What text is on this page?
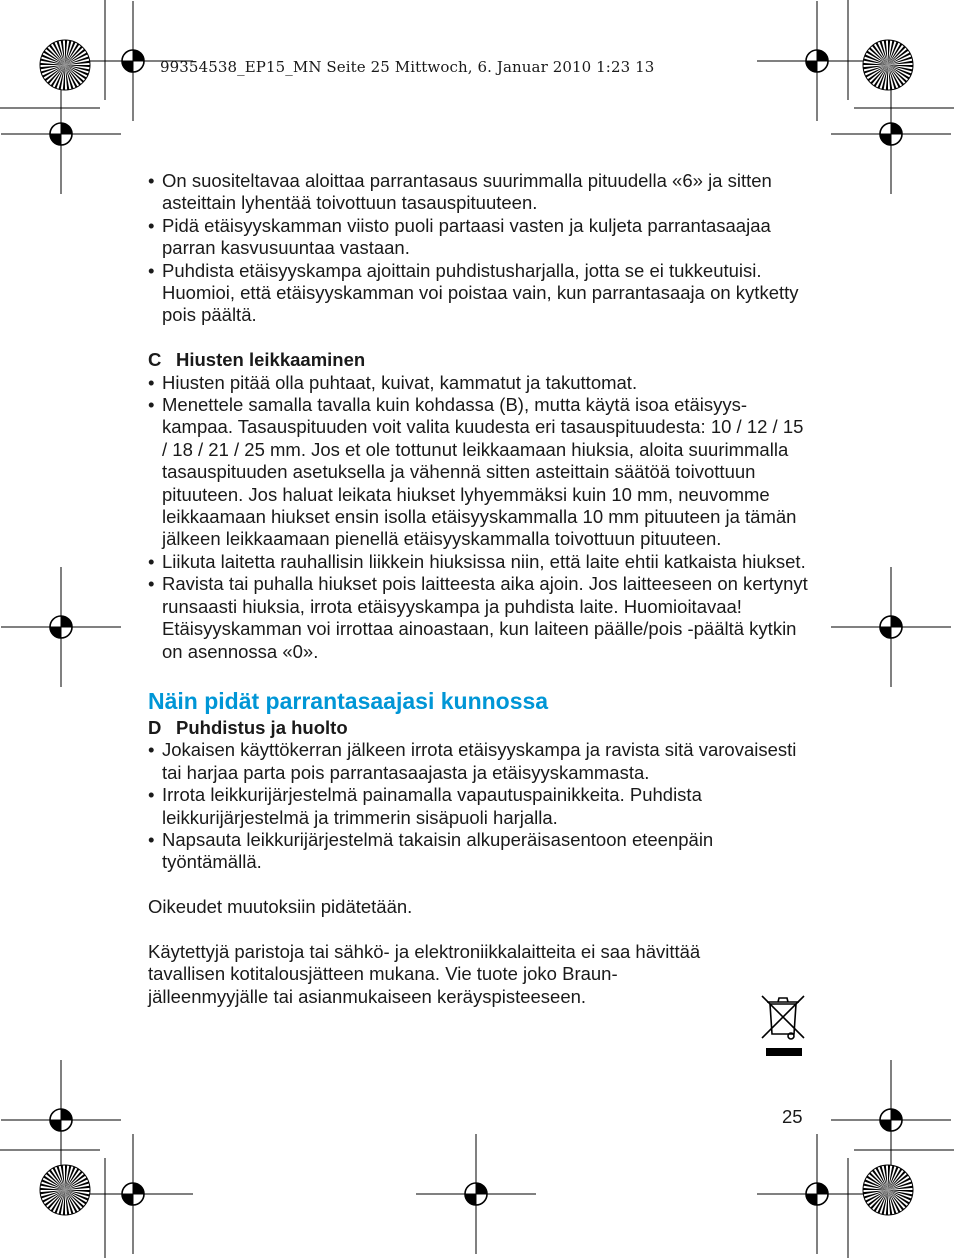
99354538_EP15_MN Seite 25 Mittwoch, 6. Januar 2010 1:23 13
• On suositeltavaa aloittaa parrantasaus suurimmalla pituudella «6» ja sitten asteittain lyhentää toivottuun tasauspituuteen.
• Pidä etäisyyskamman viisto puoli partaasi vasten ja kuljeta parrantasaajaa parran kasvusuuntaa vastaan.
• Puhdista etäisyyskampa ajoittain puhdistusharjalla, jotta se ei tukkeutuisi. Huomioi, että etäisyyskamman voi poistaa vain, kun parrantasaaja on kytketty pois päältä.
C Hiusten leikkaaminen
• Hiusten pitää olla puhtaat, kuivat, kammatut ja takuttomat.
• Menettele samalla tavalla kuin kohdassa (B), mutta käytä isoa etäisyys-kampaa. Tasauspituuden voit valita kuudesta eri tasauspituudesta: 10 / 12 / 15 / 18 / 21 / 25 mm. Jos et ole tottunut leikkaamaan hiuksia, aloita suurimmalla tasauspituuden asetuksella ja vähennä sitten asteittain säätöä toivottuun pituuteen. Jos haluat leikata hiukset lyhyemmäksi kuin 10 mm, neuvomme leikkaamaan hiukset ensin isolla etäisyyskammalla 10 mm pituuteen ja tämän jälkeen leikkaamaan pienellä etäisyyskammalla toivottuun pituuteen.
• Liikuta laitetta rauhallisin liikkein hiuksissa niin, että laite ehtii katkaista hiukset.
• Ravista tai puhalla hiukset pois laitteesta aika ajoin. Jos laitteeseen on kertynyt runsaasti hiuksia, irrota etäisyyskampa ja puhdista laite. Huomioitavaa! Etäisyyskamman voi irrottaa ainoastaan, kun laiteen päälle/pois -päältä kytkin on asennossa «0».
Näin pidät parrantasaajasi kunnossa
D Puhdistus ja huolto
• Jokaisen käyttökerran jälkeen irrota etäisyyskampa ja ravista sitä varovaisesti tai harjaa parta pois parrantasaajasta ja etäisyyskammasta.
• Irrota leikkurijärjestelmä painamalla vapautuspainikkeita. Puhdista leikkurijärjestelmä ja trimmerin sisäpuoli harjalla.
• Napsauta leikkurijärjestelmä takaisin alkuperäisasentoon eteenpäin työntämällä.
Oikeudet muutoksiin pidätetään.
Käytettyjä paristoja tai sähkö- ja elektroniikkalaitteita ei saa hävittää tavallisen kotitalousjätteen mukana. Vie tuote joko Braun-jälleenmyyjälle tai asianmukaiseen keräyspisteeseen.
25
